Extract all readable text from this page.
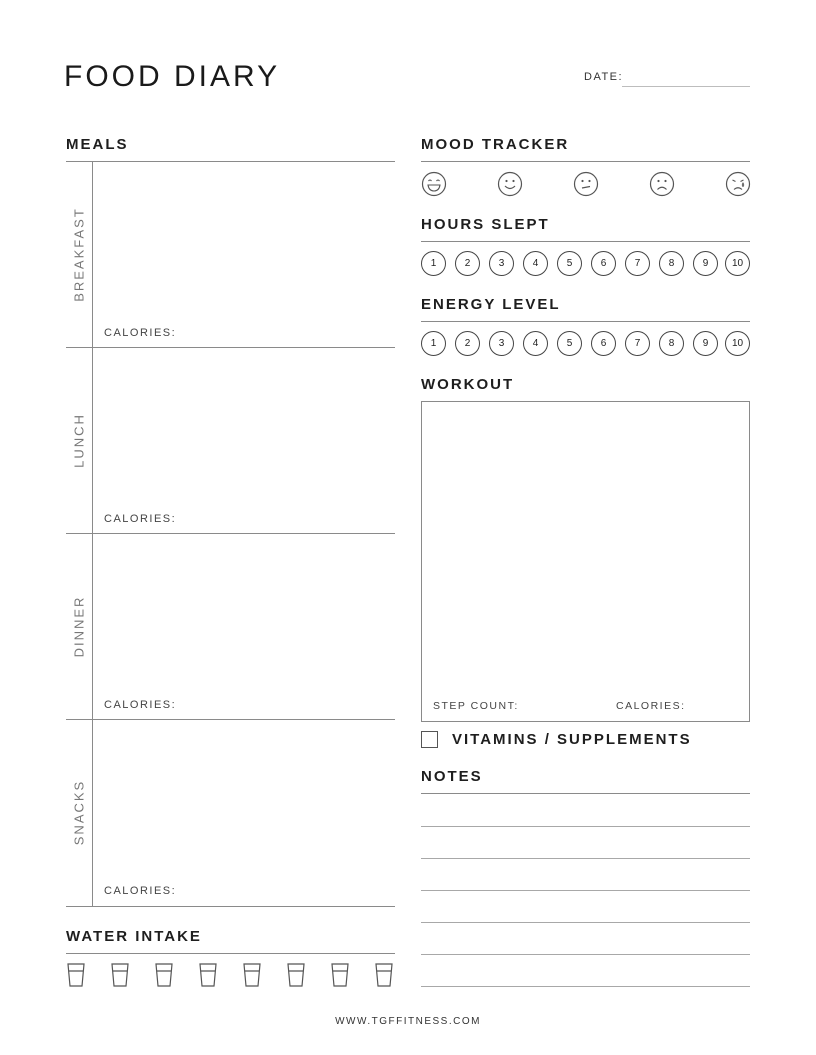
FOOD DIARY	DATE:
MEALS
BREAKFAST
CALORIES:
LUNCH
CALORIES:
DINNER
CALORIES:
SNACKS
CALORIES:
WATER INTAKE
MOOD TRACKER
HOURS SLEPT
1	2	3	4	5	6	7	8	9	10
ENERGY LEVEL
1	2	3	4	5	6	7	8	9	10
WORKOUT
STEP COUNT:	CALORIES:
VITAMINS / SUPPLEMENTS
NOTES
WWW.TGFFITNESS.COM
